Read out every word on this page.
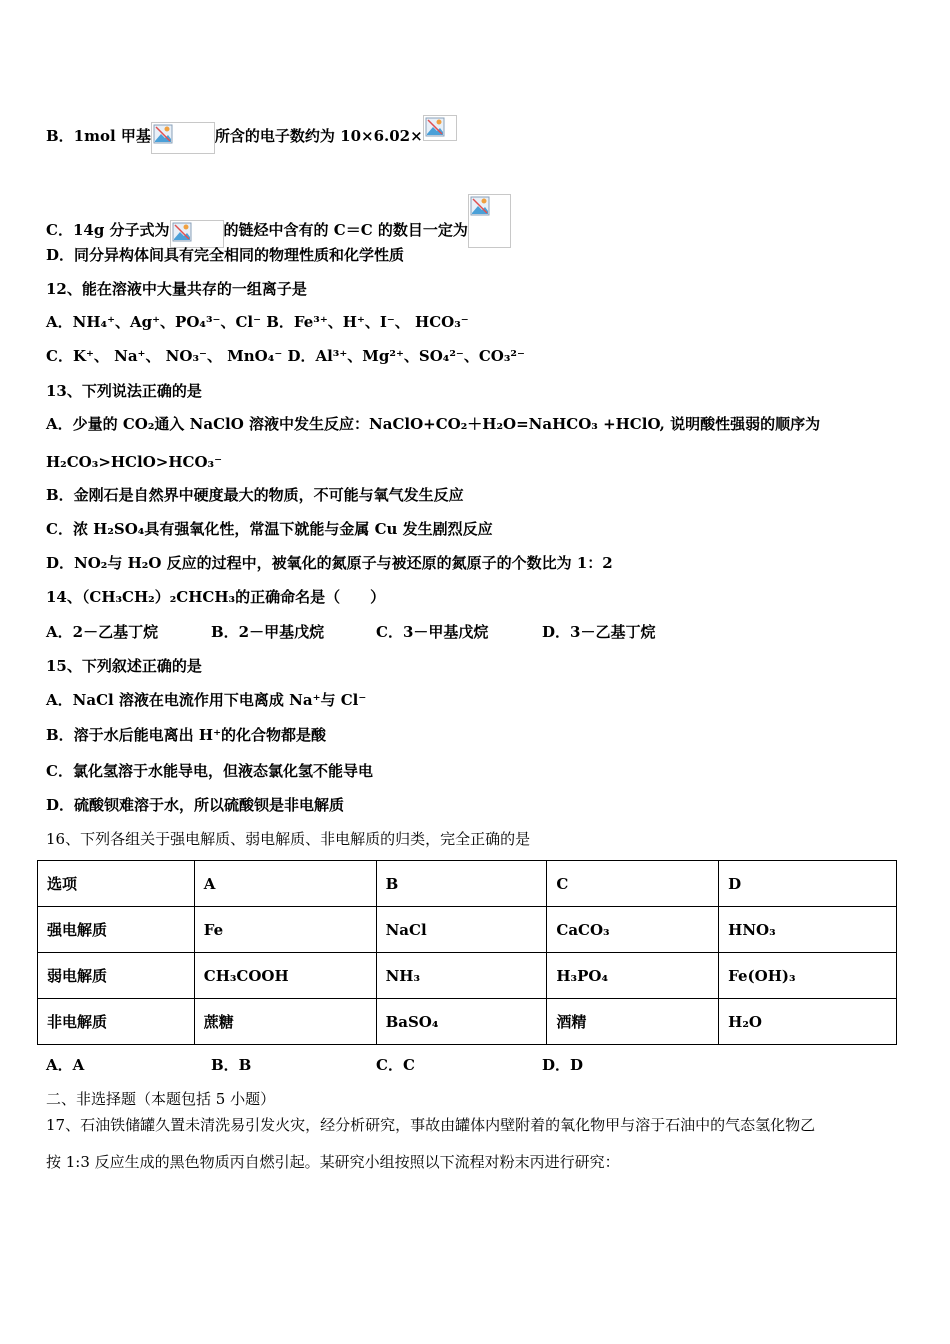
B．1mol 甲基	所含的电子数约为 10×6.02×
C．14g 分子式为	的链烃中含有的 C＝C 的数目一定为
D．同分异构体间具有完全相同的物理性质和化学性质
12、能在溶液中大量共存的一组离子是
A．NH₄⁺、Ag⁺、PO₄³⁻、Cl⁻ B．Fe³⁺、H⁺、I⁻、 HCO₃⁻
C．K⁺、 Na⁺、 NO₃⁻、 MnO₄⁻ D．Al³⁺、Mg²⁺、SO₄²⁻、CO₃²⁻
13、下列说法正确的是
A．少量的 CO₂通入 NaClO 溶液中发生反应：NaClO+CO₂＋H₂O=NaHCO₃ +HClO, 说明酸性强弱的顺序为
H₂CO₃>HClO>HCO₃⁻
B．金刚石是自然界中硬度最大的物质，不可能与氧气发生反应
C．浓 H₂SO₄具有强氧化性，常温下就能与金属 Cu 发生剧烈反应
D．NO₂与 H₂O 反应的过程中，被氧化的氮原子与被还原的氮原子的个数比为 1：2
14、（CH₃CH₂）₂CHCH₃的正确命名是（　　）
A．2－乙基丁烷	B．2－甲基戊烷	C．3－甲基戊烷	D．3－乙基丁烷
15、下列叙述正确的是
A．NaCl 溶液在电流作用下电离成 Na⁺与 Cl⁻
B．溶于水后能电离出 H⁺的化合物都是酸
C．氯化氢溶于水能导电，但液态氯化氢不能导电
D．硫酸钡难溶于水，所以硫酸钡是非电解质
16、下列各组关于强电解质、弱电解质、非电解质的归类，完全正确的是
选项	A	B	C	D
强电解质	Fe	NaCl	CaCO₃	HNO₃
弱电解质	CH₃COOH	NH₃	H₃PO₄	Fe(OH)₃
非电解质	蔗糖	BaSO₄	酒精	H₂O
A．A	B．B	C．C	D．D
二、非选择题（本题包括 5 小题）
17、石油铁储罐久置未清洗易引发火灾，经分析研究，事故由罐体内壁附着的氧化物甲与溶于石油中的气态氢化物乙
按 1:3 反应生成的黑色物质丙自燃引起。某研究小组按照以下流程对粉末丙进行研究：
